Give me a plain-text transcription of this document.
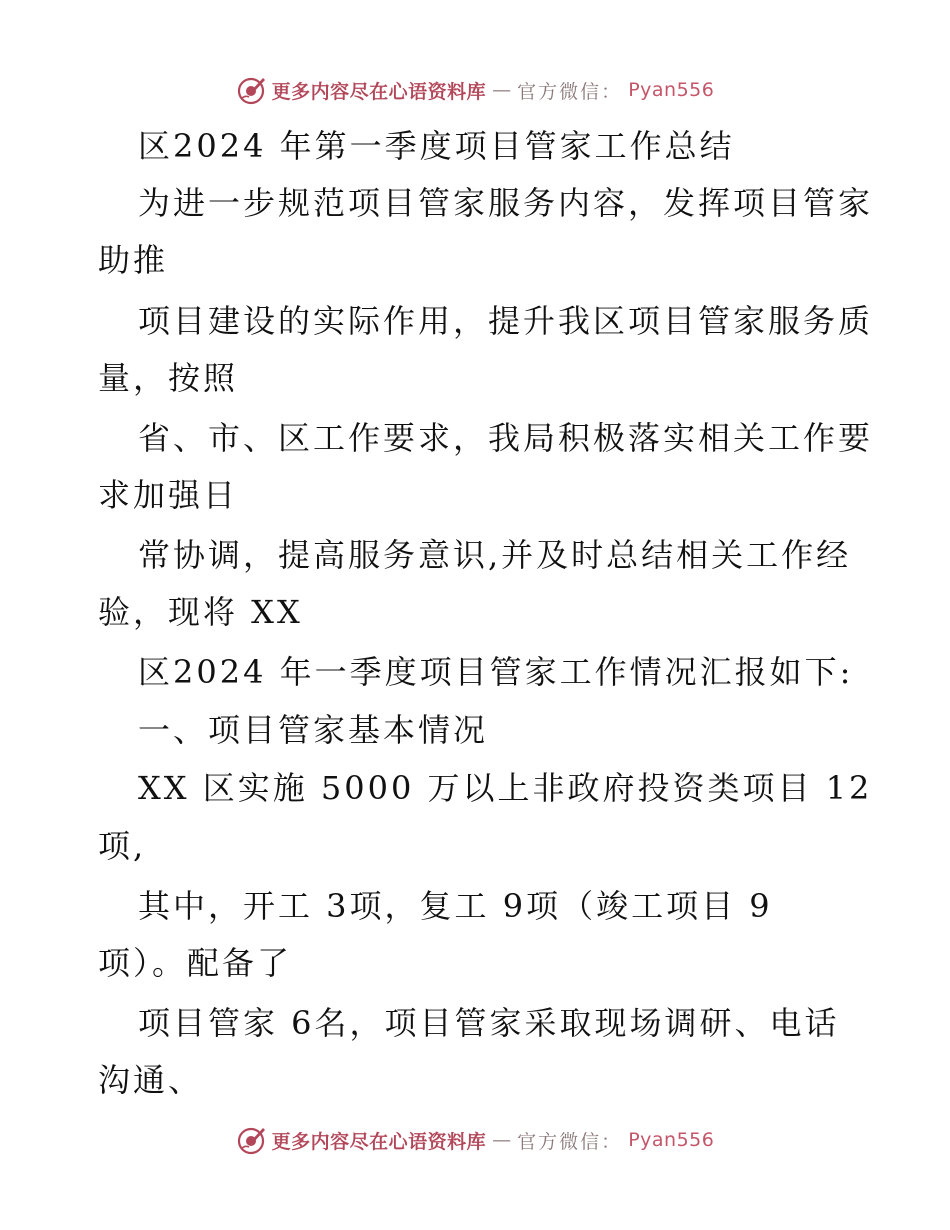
更多内容尽在心语资料库 — 官方微信： Pyan556
区2024 年第一季度项目管家工作总结
为进一步规范项目管家服务内容，发挥项目管家
助推
项目建设的实际作用，提升我区项目管家服务质
量，按照
省、市、区工作要求，我局积极落实相关工作要
求加强日
常协调，提高服务意识,并及时总结相关工作经
验，现将 XX
区2024 年一季度项目管家工作情况汇报如下:
一、项目管家基本情况
XX 区实施 5000 万以上非政府投资类项目 12
项,
其中，开工 3项，复工 9项（竣工项目 9
项）。配备了
项目管家 6名，项目管家采取现场调研、电话
沟通、
更多内容尽在心语资料库 — 官方微信： Pyan556
